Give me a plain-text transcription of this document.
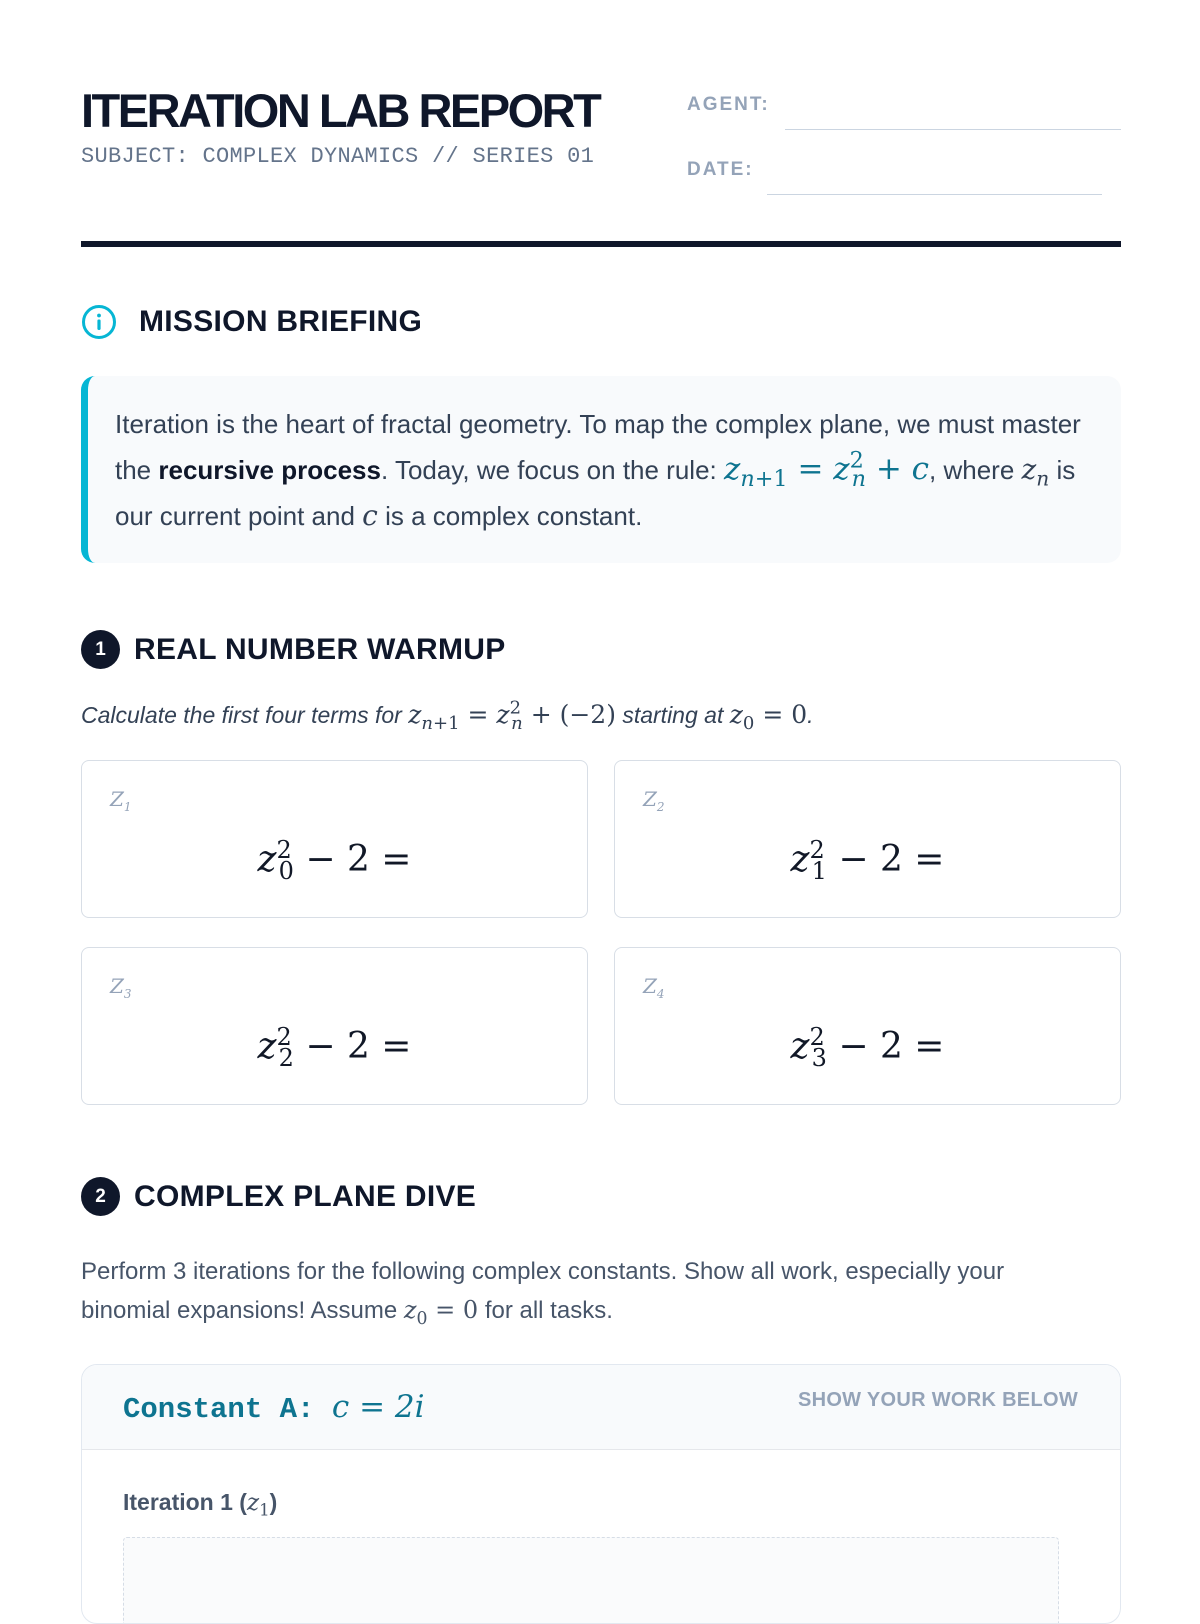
ITERATION LAB REPORT
SUBJECT: COMPLEX DYNAMICS // SERIES 01
AGENT:
DATE:
MISSION BRIEFING
Iteration is the heart of fractal geometry. To map the complex plane, we must master the recursive process. Today, we focus on the rule: $z_{n+1} = z^2_n + c$, where $z_n$ is our current point and c is a complex constant.
1 REAL NUMBER WARMUP
Calculate the first four terms for $z_{n+1} = z^2_n + (-2)$ starting at $z_0 = 0$.
$Z_1$
$z^2_0 - 2$ =
$Z_2$
$z^2_1 - 2$ =
$Z_3$
$z^2_2 - 2$ =
$Z_4$
$z^2_3 - 2$ =
2 COMPLEX PLANE DIVE
Perform 3 iterations for the following complex constants. Show all work, especially your binomial expansions! Assume $z_0 = 0$ for all tasks.
Constant A: c = 2i	SHOW YOUR WORK BELOW
Iteration 1 $(z_1)$
